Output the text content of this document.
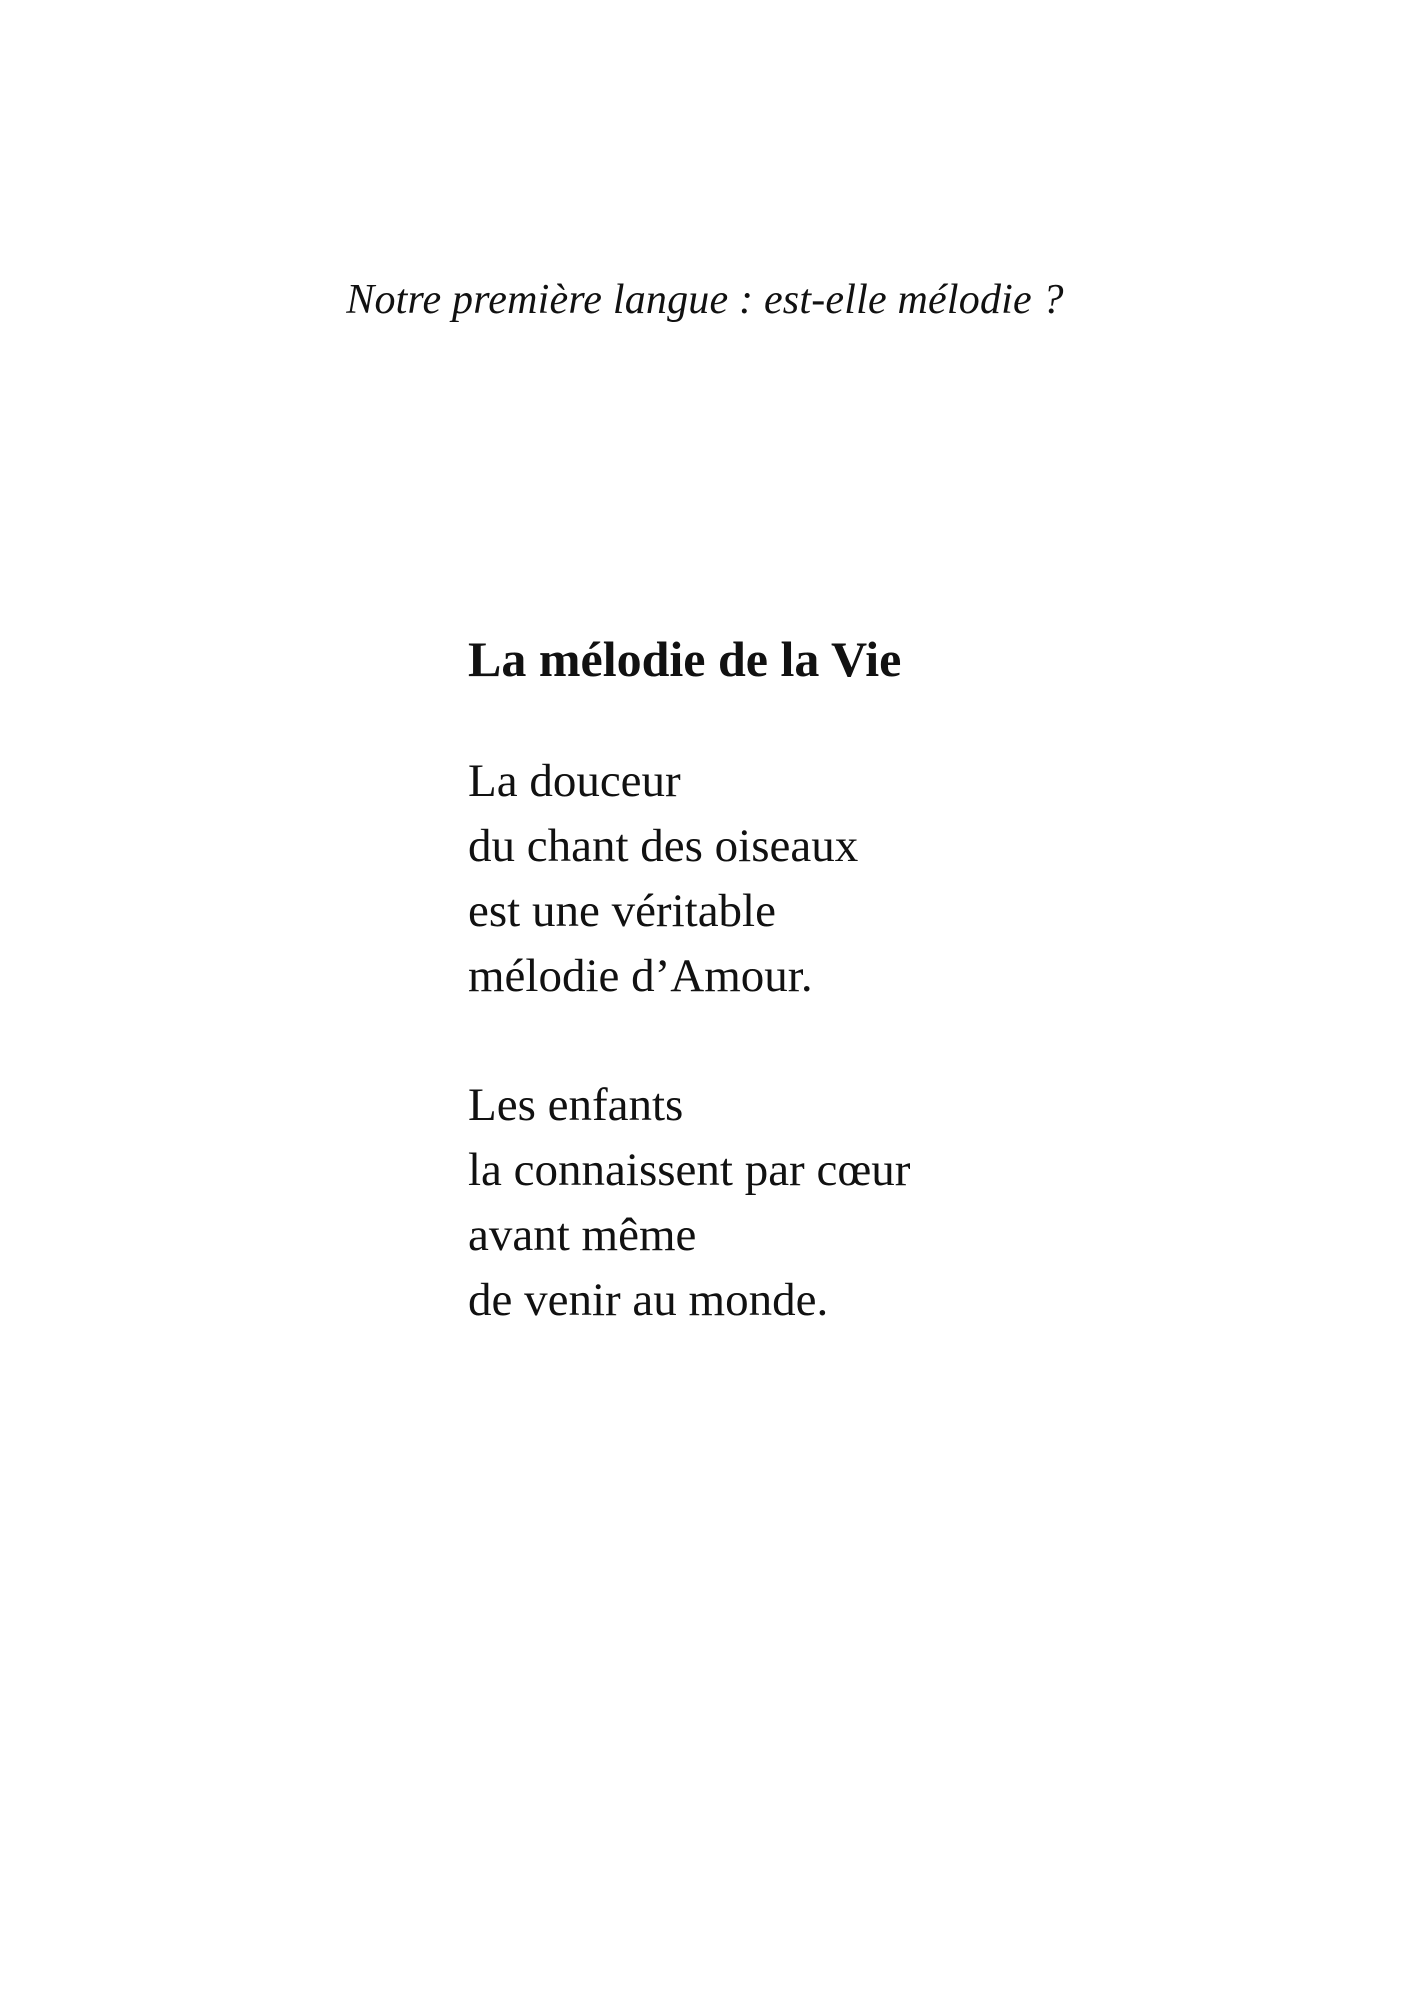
Notre première langue : est-elle mélodie ?

La mélodie de la Vie
La douceur
du chant des oiseaux
est une véritable
mélodie d’Amour.
Les enfants
la connaissent par cœur
avant même
de venir au monde.
